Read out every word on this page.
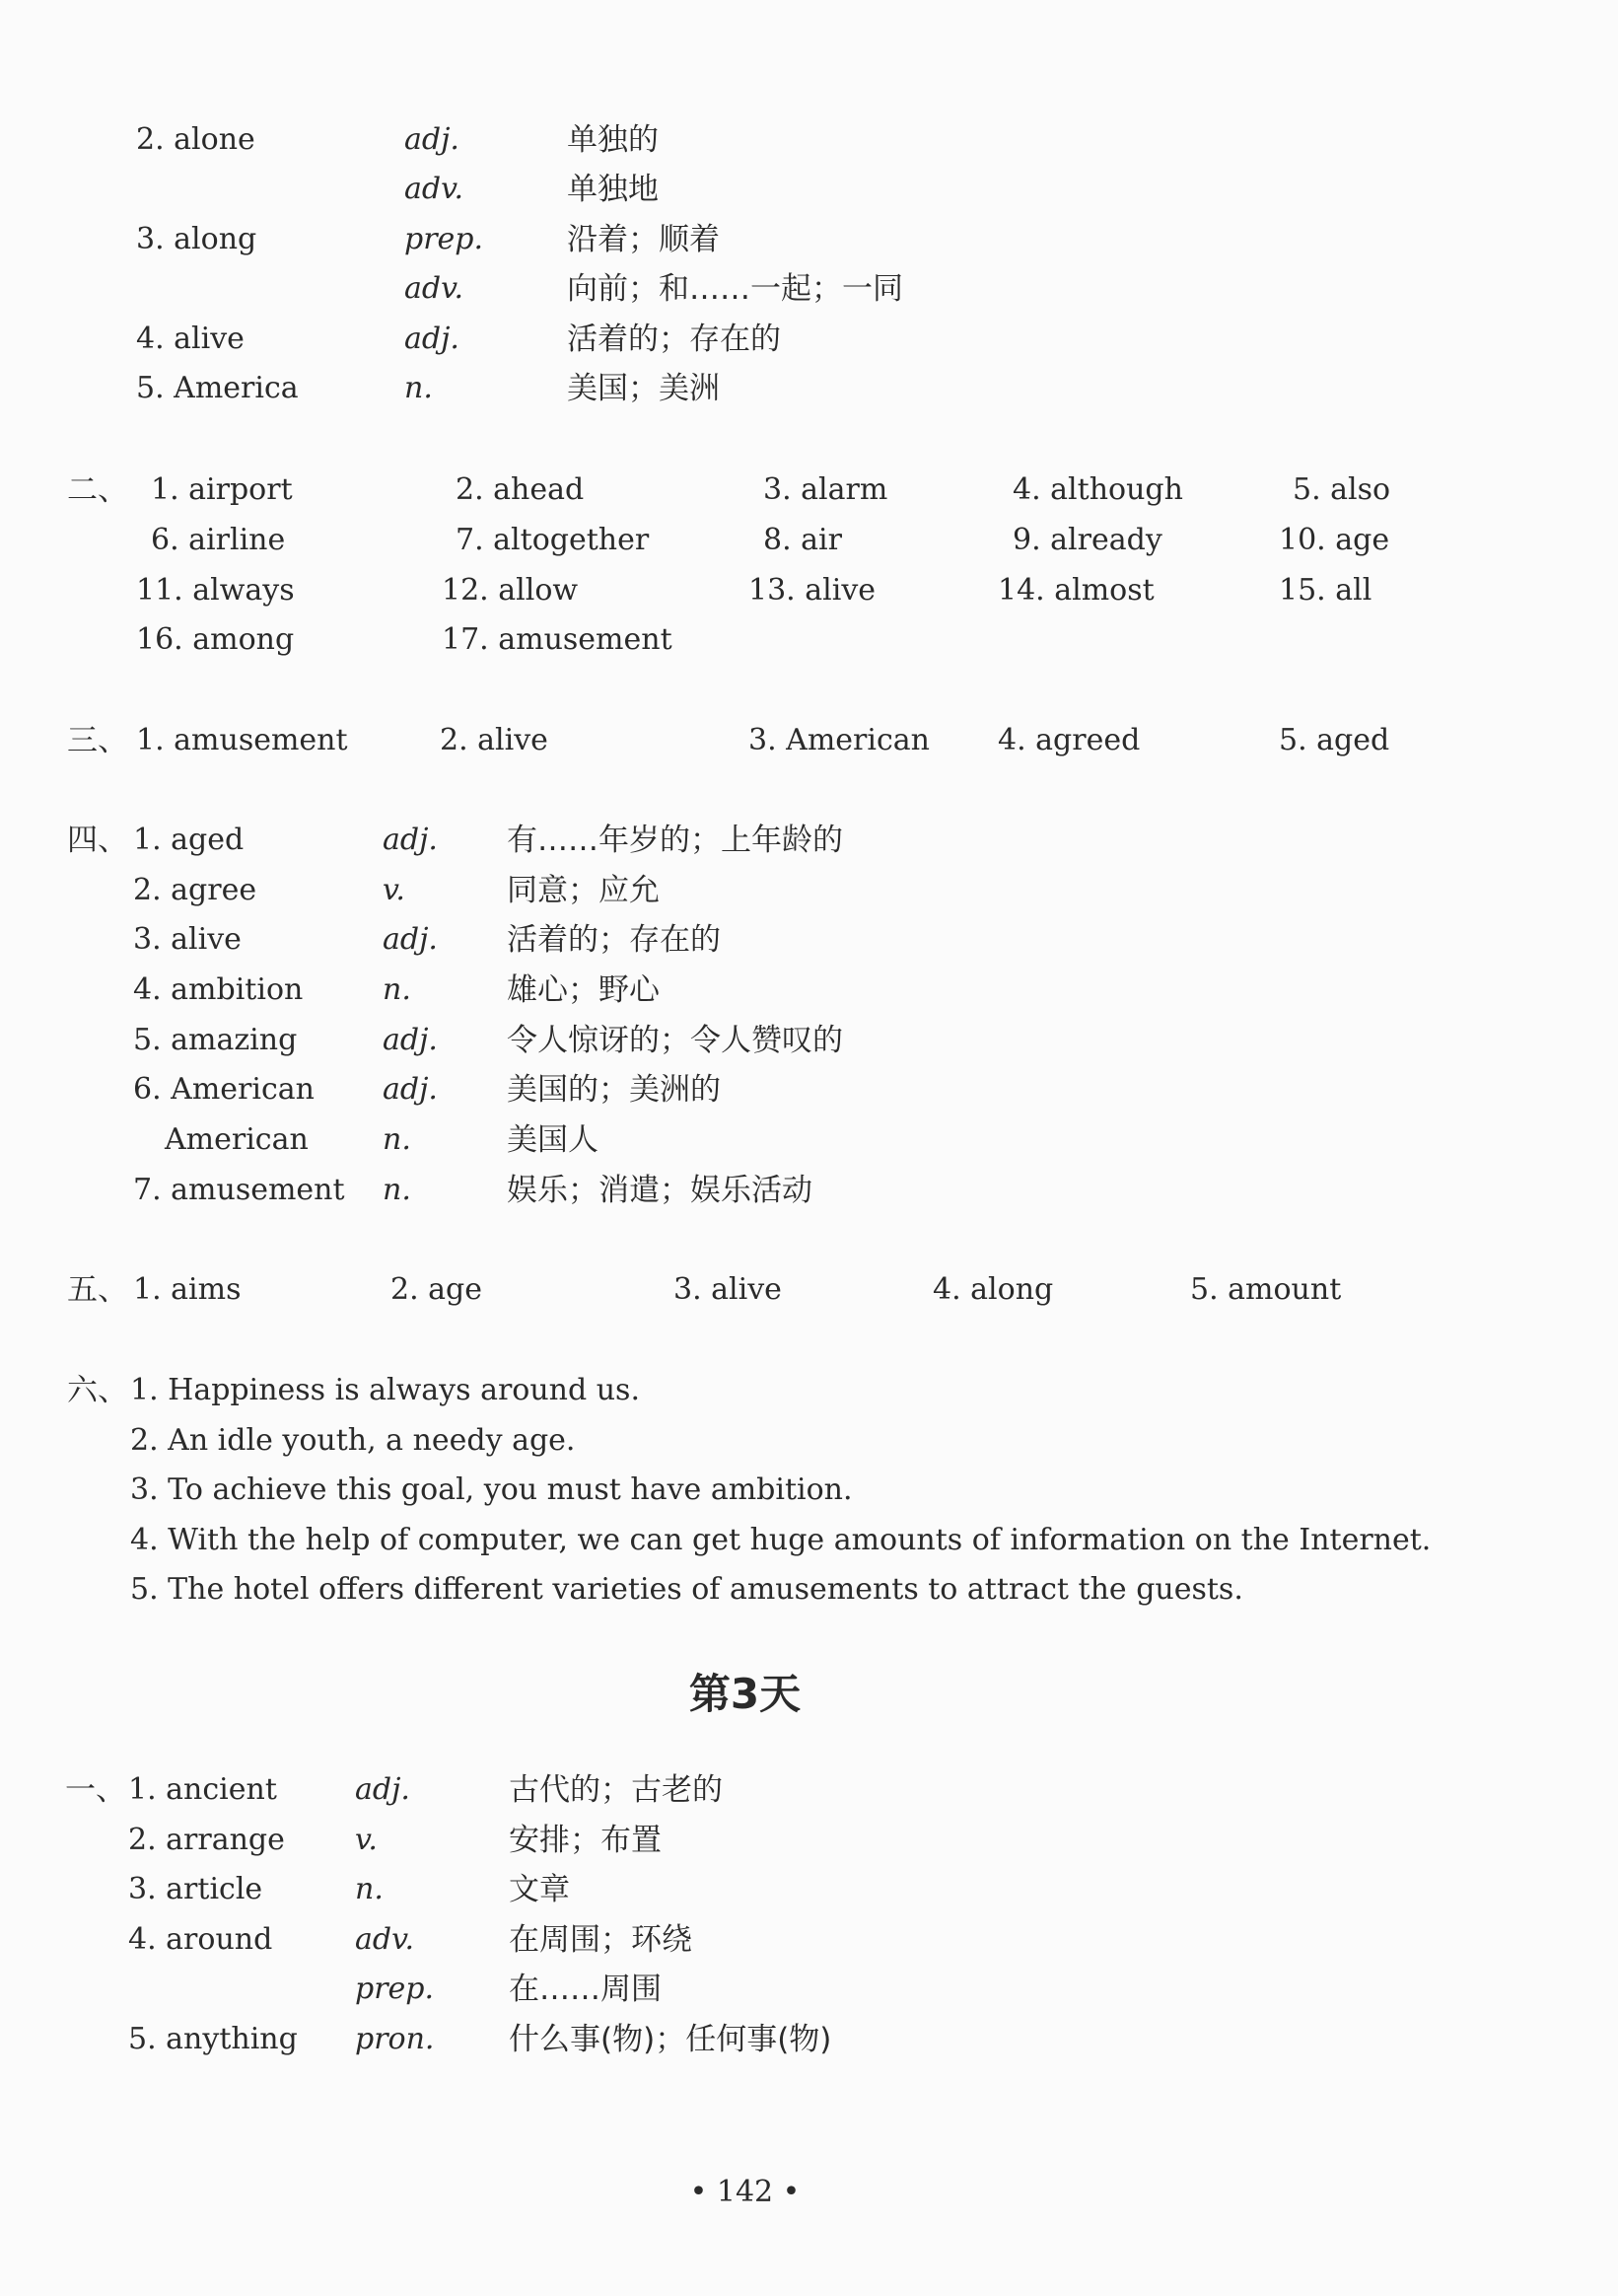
2. alone	adj.	单独的
adv.	单独地
3. along	prep.	沿着；顺着
adv.	向前；和……一起；一同
4. alive	adj.	活着的；存在的
5. America	n.	美国；美洲
二、 1. airport	2. ahead	3. alarm	4. although	5. also
6. airline	7. altogether	8. air	9. already	10. age
11. always	12. allow	13. alive	14. almost	15. all
16. among	17. amusement
三、 1. amusement	2. alive	3. American 4. agreed	5. aged
四、 1. aged	adj. 有……年岁的；上年龄的
2. agree	v.	同意；应允
3. alive	adj. 活着的；存在的
4. ambition	n.	雄心；野心
5. amazing	adj. 令人惊讶的；令人赞叹的
6. American adj. 美国的；美洲的
American	n.	美国人
7. amusement n.	娱乐；消遣；娱乐活动
五、 1. aims	2. age	3. alive	4. along	5. amount
六、 1. Happiness is always around us.
2. An idle youth, a needy age.
3. To achieve this goal, you must have ambition.
4. With the help of computer, we can get huge amounts of information on the Internet.
5. The hotel offers different varieties of amusements to attract the guests.
第3天
一、 1. ancient	adj.	古代的；古老的
2. arrange v.	安排；布置
3. article	n.	文章
4. around	adv.	在周围；环绕
prep. 在……周围
5. anything pron. 什么事(物)；任何事(物)
• 142 •
